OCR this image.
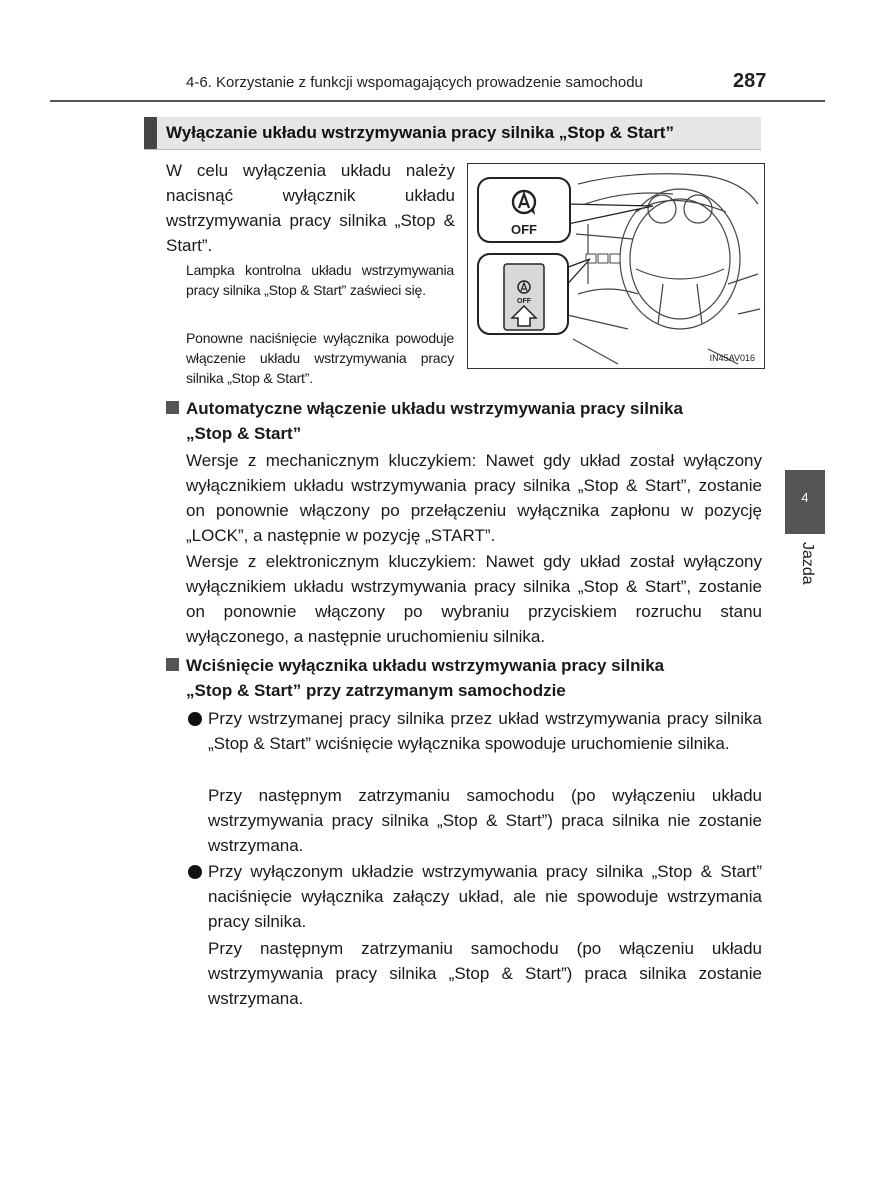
4-6. Korzystanie z funkcji wspomagających prowadzenie samochodu	287
Wyłączanie układu wstrzymywania pracy silnika „Stop & Start”
W celu wyłączenia układu należy nacisnąć wyłącznik układu wstrzymywania pracy silnika „Stop & Start”.
Lampka kontrolna układu wstrzymywania pracy silnika „Stop & Start” zaświeci się.
Ponowne naciśnięcie wyłącznika powoduje włączenie układu wstrzymywania pracy silnika „Stop & Start”.
OFF
OFF
IN45AV016
Automatyczne włączenie układu wstrzymywania pracy silnika
„Stop & Start”
Wersje z mechanicznym kluczykiem: Nawet gdy układ został wyłączony wyłącznikiem układu wstrzymywania pracy silnika „Stop & Start”, zostanie on ponownie włączony po przełączeniu wyłącznika zapłonu w pozycję „LOCK”, a następnie w pozycję „START”.
Wersje z elektronicznym kluczykiem: Nawet gdy układ został wyłączony wyłącznikiem układu wstrzymywania pracy silnika „Stop & Start”, zostanie on ponownie włączony po wybraniu przyciskiem rozruchu stanu wyłączonego, a następnie uruchomieniu silnika.
Wciśnięcie wyłącznika układu wstrzymywania pracy silnika
„Stop & Start” przy zatrzymanym samochodzie
Przy wstrzymanej pracy silnika przez układ wstrzymywania pracy silnika „Stop & Start” wciśnięcie wyłącznika spowoduje uruchomienie silnika.
Przy następnym zatrzymaniu samochodu (po wyłączeniu układu wstrzymywania pracy silnika „Stop & Start”) praca silnika nie zostanie wstrzymana.
Przy wyłączonym układzie wstrzymywania pracy silnika „Stop & Start” naciśnięcie wyłącznika załączy układ, ale nie spowoduje wstrzymania pracy silnika.
Przy następnym zatrzymaniu samochodu (po włączeniu układu wstrzymywania pracy silnika „Stop & Start”) praca silnika zostanie wstrzymana.
4
Jazda
